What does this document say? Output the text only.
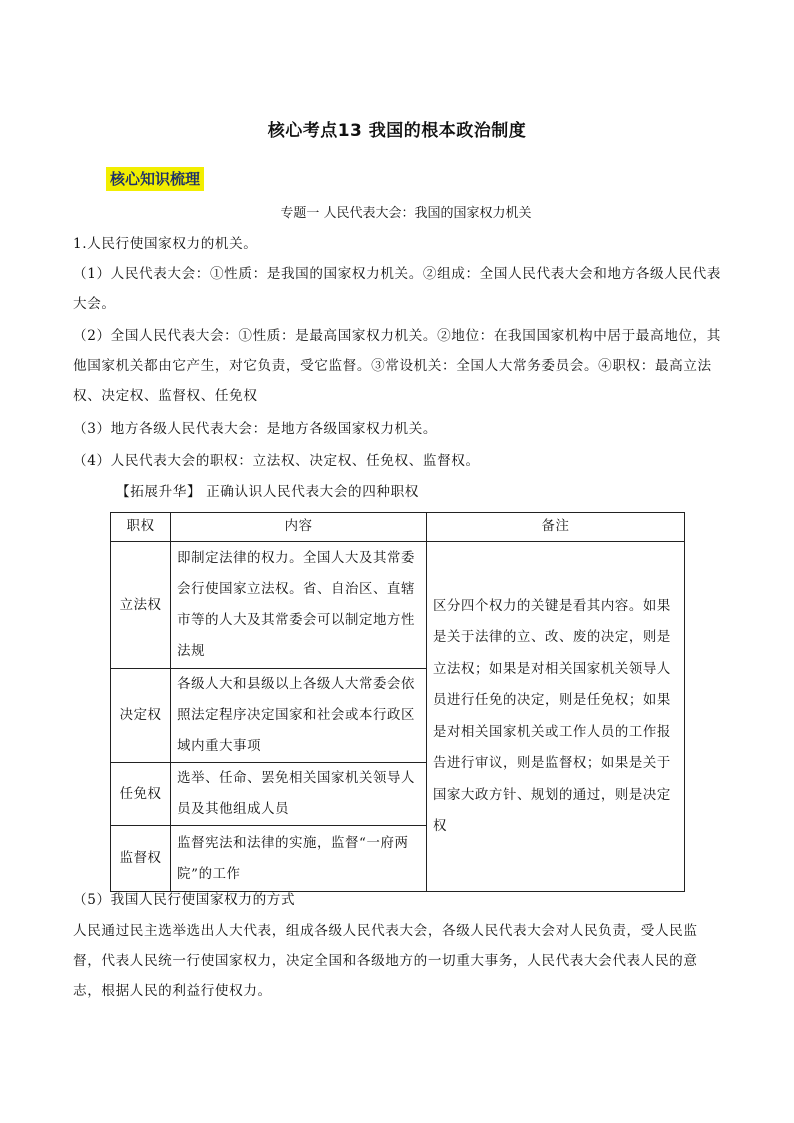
核心考点13 我国的根本政治制度
核心知识梳理
专题一 人民代表大会：我国的国家权力机关
1.人民行使国家权力的机关。
（1）人民代表大会：①性质：是我国的国家权力机关。②组成：全国人民代表大会和地方各级人民代表大会。
（2）全国人民代表大会：①性质：是最高国家权力机关。②地位：在我国国家机构中居于最高地位，其他国家机关都由它产生，对它负责，受它监督。③常设机关：全国人大常务委员会。④职权：最高立法权、决定权、监督权、任免权
（3）地方各级人民代表大会：是地方各级国家权力机关。
（4）人民代表大会的职权：立法权、决定权、任免权、监督权。
【拓展升华】 正确认识人民代表大会的四种职权
职权	内容	备注
立法权	即制定法律的权力。全国人大及其常委会行使国家立法权。省、自治区、直辖市等的人大及其常委会可以制定地方性法规	区分四个权力的关键是看其内容。如果是关于法律的立、改、废的决定，则是立法权；如果是对相关国家机关领导人员进行任免的决定，则是任免权；如果是对相关国家机关或工作人员的工作报告进行审议，则是监督权；如果是关于国家大政方针、规划的通过，则是决定权
决定权	各级人大和县级以上各级人大常委会依照法定程序决定国家和社会或本行政区域内重大事项	
任免权	选举、任命、罢免相关国家机关领导人员及其他组成人员	
监督权	监督宪法和法律的实施，监督“一府两院”的工作	
（5）我国人民行使国家权力的方式
人民通过民主选举选出人大代表，组成各级人民代表大会，各级人民代表大会对人民负责，受人民监督，代表人民统一行使国家权力，决定全国和各级地方的一切重大事务，人民代表大会代表人民的意志，根据人民的利益行使权力。
